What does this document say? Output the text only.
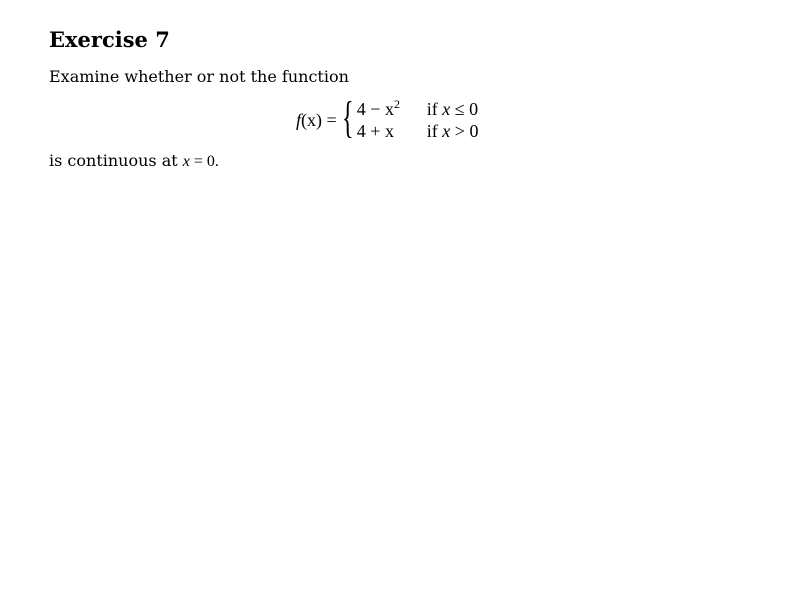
Exercise 7

Examine whether or not the function

f(x) = { $4 - x^2$	if x ≤ 0
4 + x	if x > 0

is continuous at x = 0.
